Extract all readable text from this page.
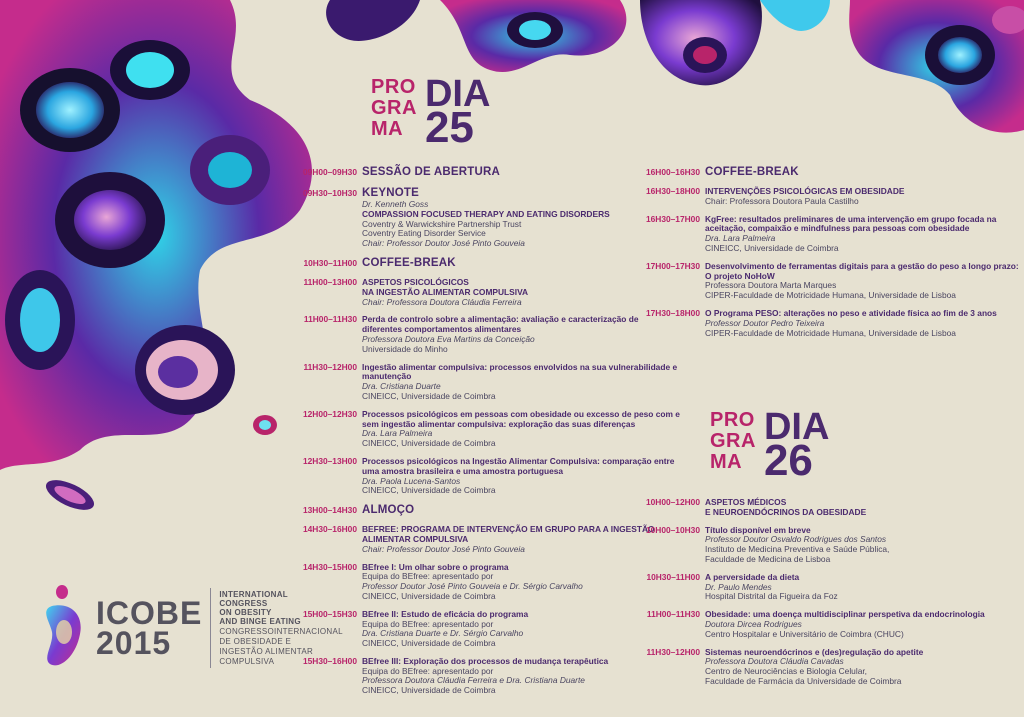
PRO
GRA
MA
DIA
25
09H00–09H30 SESSÃO DE ABERTURA
09H30–10H30 KEYNOTE
Dr. Kenneth Goss
COMPASSION FOCUSED THERAPY AND EATING DISORDERS
Coventry & Warwickshire Partnership Trust
Coventry Eating Disorder Service
Chair: Professor Doutor José Pinto Gouveia
10H30–11H00 COFFEE-BREAK
11H00–13H00 ASPETOS PSICOLÓGICOS
NA INGESTÃO ALIMENTAR COMPULSIVA
Chair: Professora Doutora Cláudia Ferreira
11H00–11H30 Perda de controlo sobre a alimentação: avaliação e caracterização de diferentes comportamentos alimentares
Professora Doutora Eva Martins da Conceição
Universidade do Minho
11H30–12H00 Ingestão alimentar compulsiva: processos envolvidos na sua vulnerabilidade e manutenção
Dra. Cristiana Duarte
CINEICC, Universidade de Coimbra
12H00–12H30 Processos psicológicos em pessoas com obesidade ou excesso de peso com e sem ingestão alimentar compulsiva: exploração das suas diferenças
Dra. Lara Palmeira
CINEICC, Universidade de Coimbra
12H30–13H00 Processos psicológicos na Ingestão Alimentar Compulsiva: comparação entre uma amostra brasileira e uma amostra portuguesa
Dra. Paola Lucena-Santos
CINEICC, Universidade de Coimbra
13H00–14H30 ALMOÇO
14H30–16H00 BEFREE: PROGRAMA DE INTERVENÇÃO EM GRUPO PARA A INGESTÃO ALIMENTAR COMPULSIVA
Chair: Professor Doutor José Pinto Gouveia
14H30–15H00 BEfree I: Um olhar sobre o programa
Equipa do BEfree: apresentado por
Professor Doutor José Pinto Gouveia e Dr. Sérgio Carvalho
CINEICC, Universidade de Coimbra
15H00–15H30 BEfree II: Estudo de eficácia do programa
Equipa do BEfree: apresentado por
Dra. Cristiana Duarte e Dr. Sérgio Carvalho
CINEICC, Universidade de Coimbra
15H30–16H00 BEfree III: Exploração dos processos de mudança terapêutica
Equipa do BEfree: apresentado por
Professora Doutora Cláudia Ferreira e Dra. Cristiana Duarte
CINEICC, Universidade de Coimbra
16H00–16H30 COFFEE-BREAK
16H30–18H00 INTERVENÇÕES PSICOLÓGICAS EM OBESIDADE
Chair: Professora Doutora Paula Castilho
16H30–17H00 KgFree: resultados preliminares de uma intervenção em grupo focada na aceitação, compaixão e mindfulness para pessoas com obesidade
Dra. Lara Palmeira
CINEICC, Universidade de Coimbra
17H00–17H30 Desenvolvimento de ferramentas digitais para a gestão do peso a longo prazo: O projeto NoHoW
Professora Doutora Marta Marques
CIPER-Faculdade de Motricidade Humana, Universidade de Lisboa
17H30–18H00 O Programa PESO: alterações no peso e atividade física ao fim de 3 anos
Professor Doutor Pedro Teixeira
CIPER-Faculdade de Motricidade Humana, Universidade de Lisboa
PRO
GRA
MA
DIA
26
10H00–12H00 ASPETOS MÉDICOS
E NEUROENDÓCRINOS DA OBESIDADE
10H00–10H30 Título disponível em breve
Professor Doutor Osvaldo Rodrigues dos Santos
Instituto de Medicina Preventiva e Saúde Pública,
Faculdade de Medicina de Lisboa
10H30–11H00 A perversidade da dieta
Dr. Paulo Mendes
Hospital Distrital da Figueira da Foz
11H00–11H30 Obesidade: uma doença multidisciplinar perspetiva da endocrinologia
Doutora Dircea Rodrigues
Centro Hospitalar e Universitário de Coimbra (CHUC)
11H30–12H00 Sistemas neuroendócrinos e (des)regulação do apetite
Professora Doutora Cláudia Cavadas
Centro de Neurociências e Biologia Celular,
Faculdade de Farmácia da Universidade de Coimbra
ICOBE
2015
INTERNATIONAL
CONGRESS
ON OBESITY
AND BINGE EATING
CONGRESSOINTERNACIONAL
DE OBESIDADE E
INGESTÃO ALIMENTAR
COMPULSIVA
